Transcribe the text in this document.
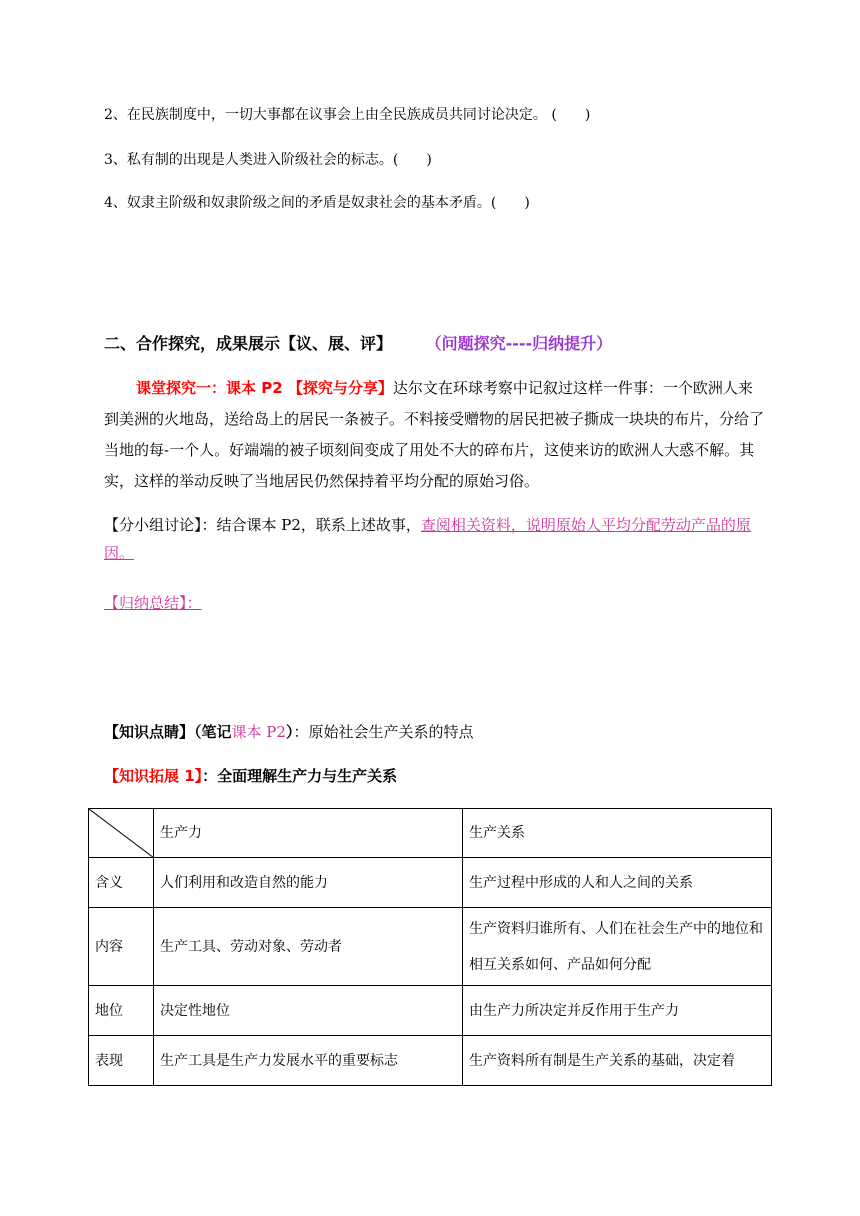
2、在民族制度中，一切大事都在议事会上由全民族成员共同讨论决定。 (　　)
3、私有制的出现是人类进入阶级社会的标志。(　　)
4、奴隶主阶级和奴隶阶级之间的矛盾是奴隶社会的基本矛盾。(　　)
二、合作探究，成果展示【议、展、评】 （问题探究----归纳提升）
课堂探究一：课本 P2 【探究与分享】达尔文在环球考察中记叙过这样一件事：一个欧洲人来到美洲的火地岛，送给岛上的居民一条被子。不料接受赠物的居民把被子撕成一块块的布片，分给了当地的每-一个人。好端端的被子顷刻间变成了用处不大的碎布片，这使来访的欧洲人大惑不解。其实，这样的举动反映了当地居民仍然保持着平均分配的原始习俗。
【分小组讨论】：结合课本 P2，联系上述故事，查阅相关资料，说明原始人平均分配劳动产品的原因。
【归纳总结】：
【知识点睛】（笔记课本 P2）：原始社会生产关系的特点
【知识拓展 1】：全面理解生产力与生产关系
	生产力	生产关系
含义	人们利用和改造自然的能力	生产过程中形成的人和人之间的关系
内容	生产工具、劳动对象、劳动者	生产资料归谁所有、人们在社会生产中的地位和相互关系如何、产品如何分配
地位	决定性地位	由生产力所决定并反作用于生产力
表现	生产工具是生产力发展水平的重要标志	生产资料所有制是生产关系的基础，决定着
